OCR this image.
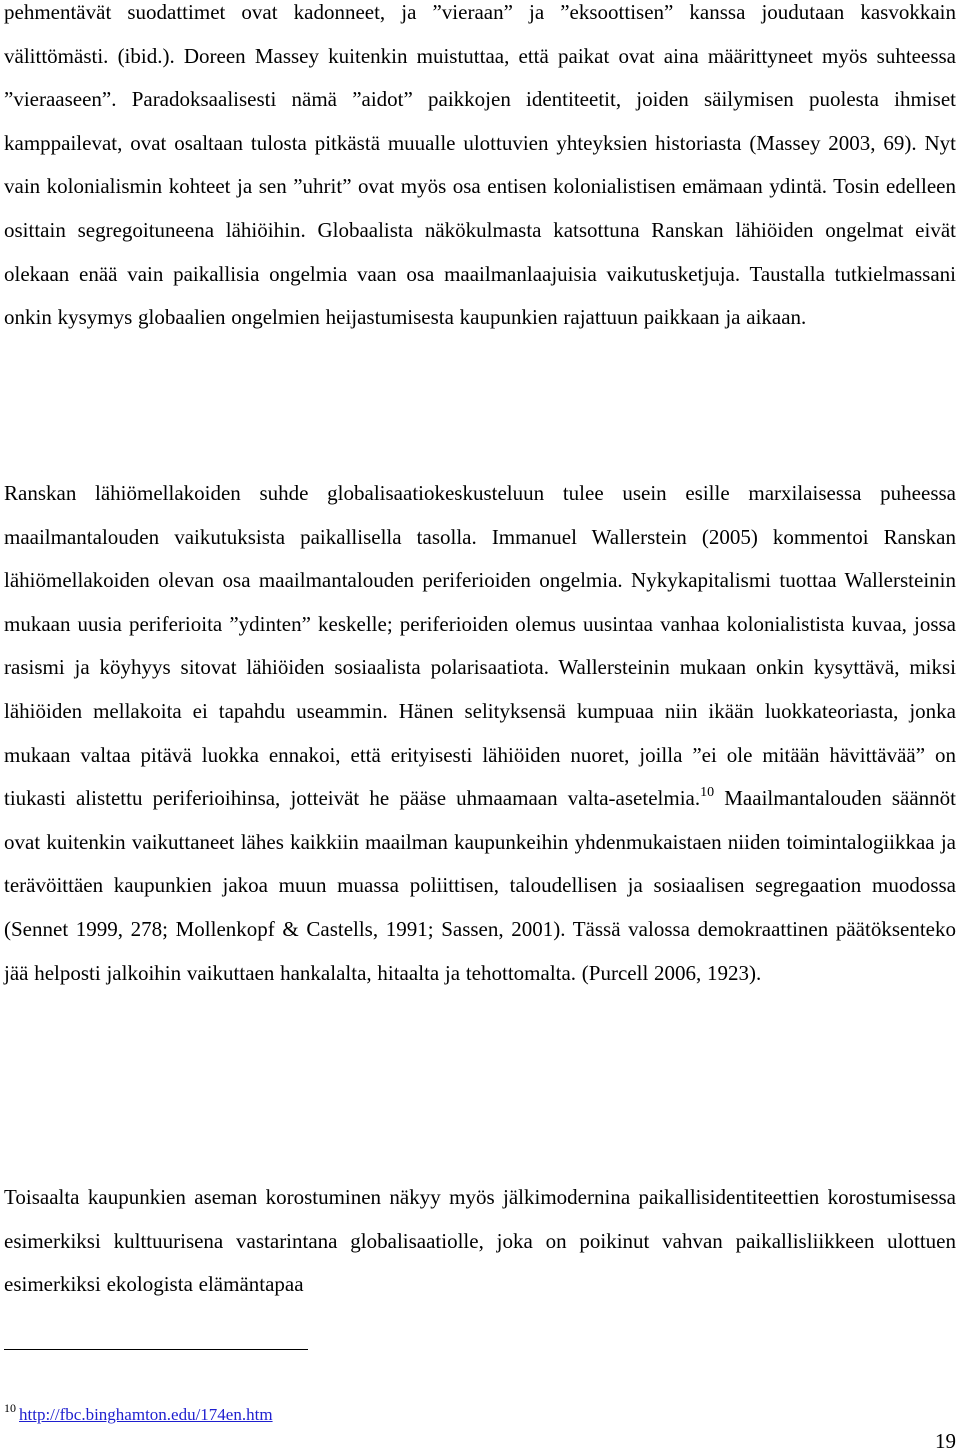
pehmentävät suodattimet ovat kadonneet, ja ”vieraan” ja ”eksoottisen” kanssa joudutaan kasvokkain välittömästi. (ibid.). Doreen Massey kuitenkin muistuttaa, että paikat ovat aina määrittyneet myös suhteessa ”vieraaseen”. Paradoksaalisesti nämä ”aidot” paikkojen identiteetit, joiden säilymisen puolesta ihmiset kamppailevat, ovat osaltaan tulosta pitkästä muualle ulottuvien yhteyksien historiasta (Massey 2003, 69). Nyt vain kolonialismin kohteet ja sen ”uhrit” ovat myös osa entisen kolonialistisen emämaan ydintä. Tosin edelleen osittain segregoituneena lähiöihin. Globaalista näkökulmasta katsottuna Ranskan lähiöiden ongelmat eivät olekaan enää vain paikallisia ongelmia vaan osa maailmanlaajuisia vaikutusketjuja. Taustalla tutkielmassani onkin kysymys globaalien ongelmien heijastumisesta kaupunkien rajattuun paikkaan ja aikaan.

Ranskan lähiömellakoiden suhde globalisaatiokeskusteluun tulee usein esille marxilaisessa puheessa maailmantalouden vaikutuksista paikallisella tasolla. Immanuel Wallerstein (2005) kommentoi Ranskan lähiömellakoiden olevan osa maailmantalouden periferioiden ongelmia. Nykykapitalismi tuottaa Wallersteinin mukaan uusia periferioita ”ydinten” keskelle; periferioiden olemus uusintaa vanhaa kolonialistista kuvaa, jossa rasismi ja köyhyys sitovat lähiöiden sosiaalista polarisaatiota. Wallersteinin mukaan onkin kysyttävä, miksi lähiöiden mellakoita ei tapahdu useammin. Hänen selityksensä kumpuaa niin ikään luokkateoriasta, jonka mukaan valtaa pitävä luokka ennakoi, että erityisesti lähiöiden nuoret, joilla ”ei ole mitään hävittävää” on tiukasti alistettu periferioihinsa, jotteivät he pääse uhmaamaan valta-asetelmia.$^{10}$ Maailmantalouden säännöt ovat kuitenkin vaikuttaneet lähes kaikkiin maailman kaupunkeihin yhdenmukaistaen niiden toimintalogiikkaa ja terävöittäen kaupunkien jakoa muun muassa poliittisen, taloudellisen ja sosiaalisen segregaation muodossa (Sennet 1999, 278; Mollenkopf & Castells, 1991; Sassen, 2001). Tässä valossa demokraattinen päätöksenteko jää helposti jalkoihin vaikuttaen hankalalta, hitaalta ja tehottomalta. (Purcell 2006, 1923).

Toisaalta kaupunkien aseman korostuminen näkyy myös jälkimodernina paikallisidentiteettien korostumisessa esimerkiksi kulttuurisena vastarintana globalisaatiolle, joka on poikinut vahvan paikallisliikkeen ulottuen esimerkiksi ekologista elämäntapaa

$^{10}$ http://fbc.binghamton.edu/174en.htm
19
